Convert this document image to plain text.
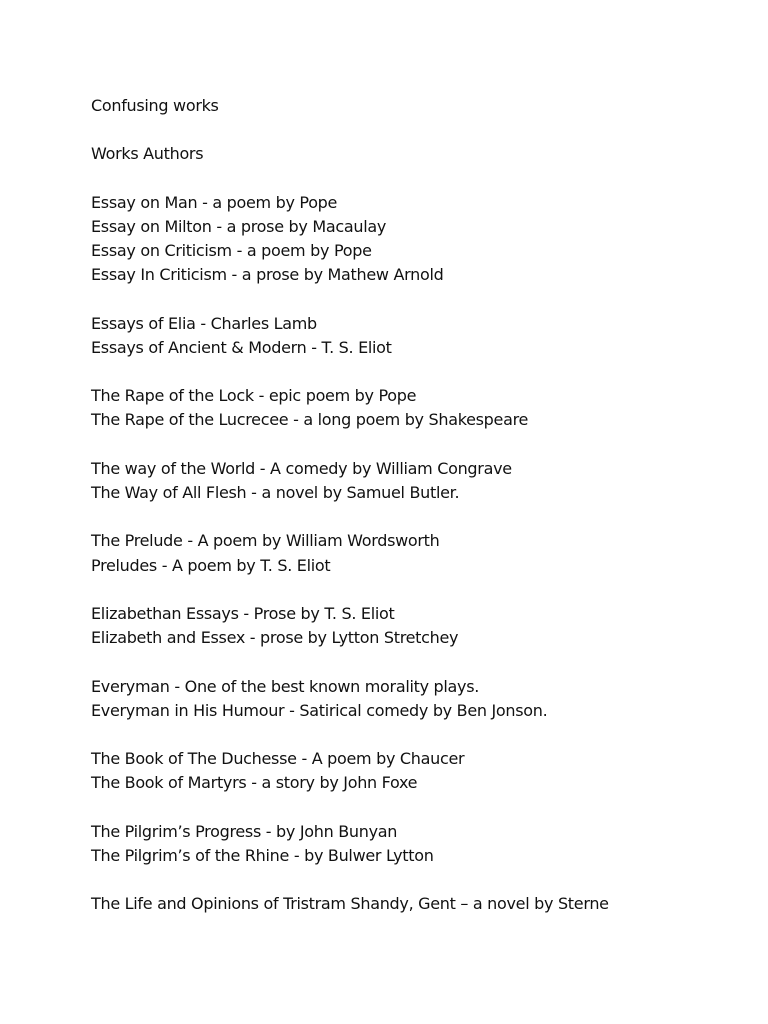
Confusing works
Works Authors
Essay on Man - a poem by Pope
Essay on Milton - a prose by Macaulay
Essay on Criticism - a poem by Pope
Essay In Criticism - a prose by Mathew Arnold
Essays of Elia - Charles Lamb
Essays of Ancient & Modern - T. S. Eliot
The Rape of the Lock - epic poem by Pope
The Rape of the Lucrecee - a long poem by Shakespeare
The way of the World - A comedy by William Congrave
The Way of All Flesh - a novel by Samuel Butler.
The Prelude - A poem by William Wordsworth
Preludes - A poem by T. S. Eliot
Elizabethan Essays - Prose by T. S. Eliot
Elizabeth and Essex - prose by Lytton Stretchey
Everyman - One of the best known morality plays.
Everyman in His Humour - Satirical comedy by Ben Jonson.
The Book of The Duchesse - A poem by Chaucer
The Book of Martyrs - a story by John Foxe
The Pilgrim’s Progress - by John Bunyan
The Pilgrim’s of the Rhine - by Bulwer Lytton
The Life and Opinions of Tristram Shandy, Gent – a novel by Sterne
